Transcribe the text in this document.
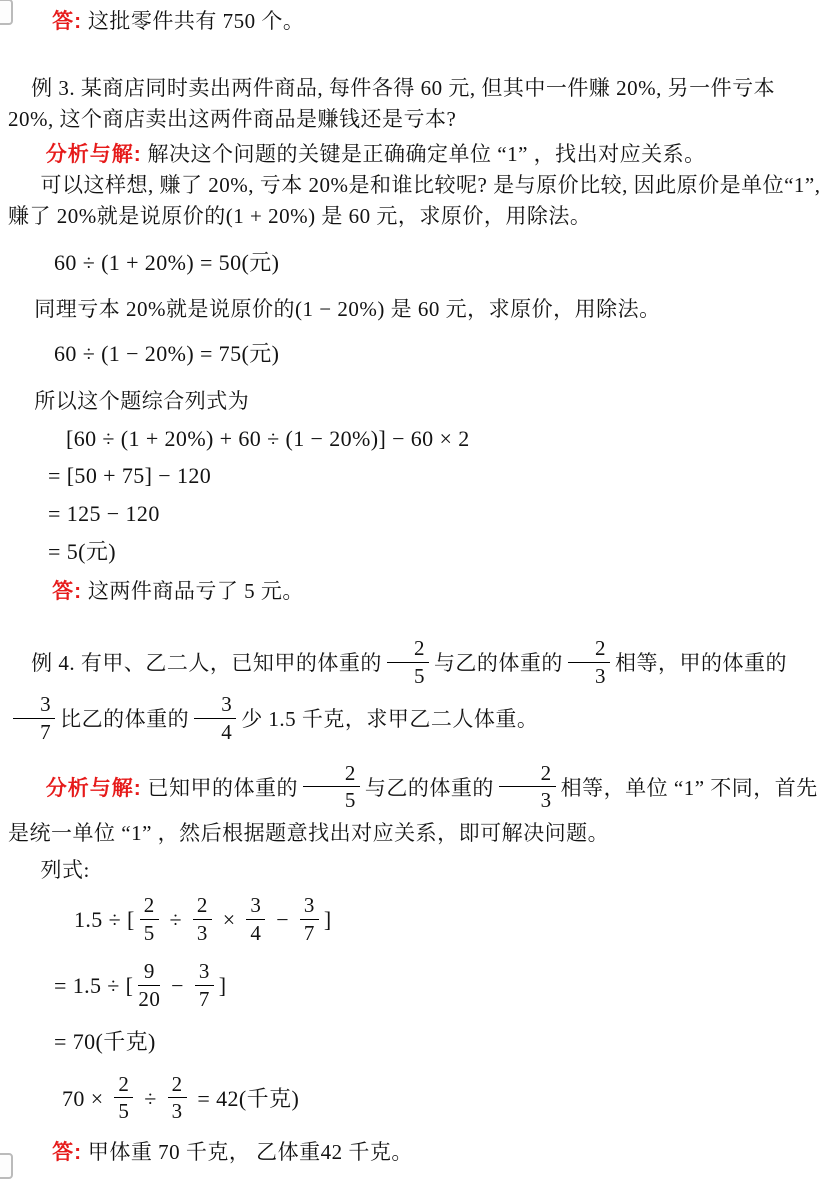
答: 这批零件共有 750 个。

例 3. 某商店同时卖出两件商品, 每件各得 60 元, 但其中一件赚 20%, 另一件亏本 20%, 这个商店卖出这两件商品是赚钱还是亏本?

分析与解: 解决这个问题的关键是正确确定单位 “1” ，找出对应关系。

可以这样想, 赚了 20%, 亏本 20%是和谁比较呢? 是与原价比较, 因此原价是单位“1”, 赚了 20%就是说原价的(1 + 20%) 是 60 元，求原价，用除法。

60 ÷ (1 + 20%) = 50(元)

同理亏本 20%就是说原价的(1 − 20%) 是 60 元，求原价，用除法。

60 ÷ (1 − 20%) = 75(元)

所以这个题综合列式为

[60 ÷ (1 + 20%) + 60 ÷ (1 − 20%)] − 60 × 2
= [50 + 75] − 120
= 125 − 120
= 5(元)

答: 这两件商品亏了 5 元。

例 4. 有甲、乙二人，已知甲的体重的 $\frac{2}{5}$ 与乙的体重的 $\frac{2}{3}$ 相等，甲的体重的
$\frac{3}{7}$ 比乙的体重的 $\frac{3}{4}$ 少 1.5 千克，求甲乙二人体重。

分析与解: 已知甲的体重的 $\frac{2}{5}$ 与乙的体重的 $\frac{2}{3}$ 相等，单位 “1” 不同，首先是统一单位 “1” ，然后根据题意找出对应关系，即可解决问题。

列式:

1.5 ÷ [ $\frac{2}{5} \div \frac{2}{3} \times \frac{3}{4} - \frac{3}{7}$ ]
= 1.5 ÷ [ $\frac{9}{20} - \frac{3}{7}$ ]
= 70(千克)
$70 \times \frac{2}{5} \div \frac{2}{3} = 42$(千克)

答: 甲体重 70 千克， 乙体重42 千克。
